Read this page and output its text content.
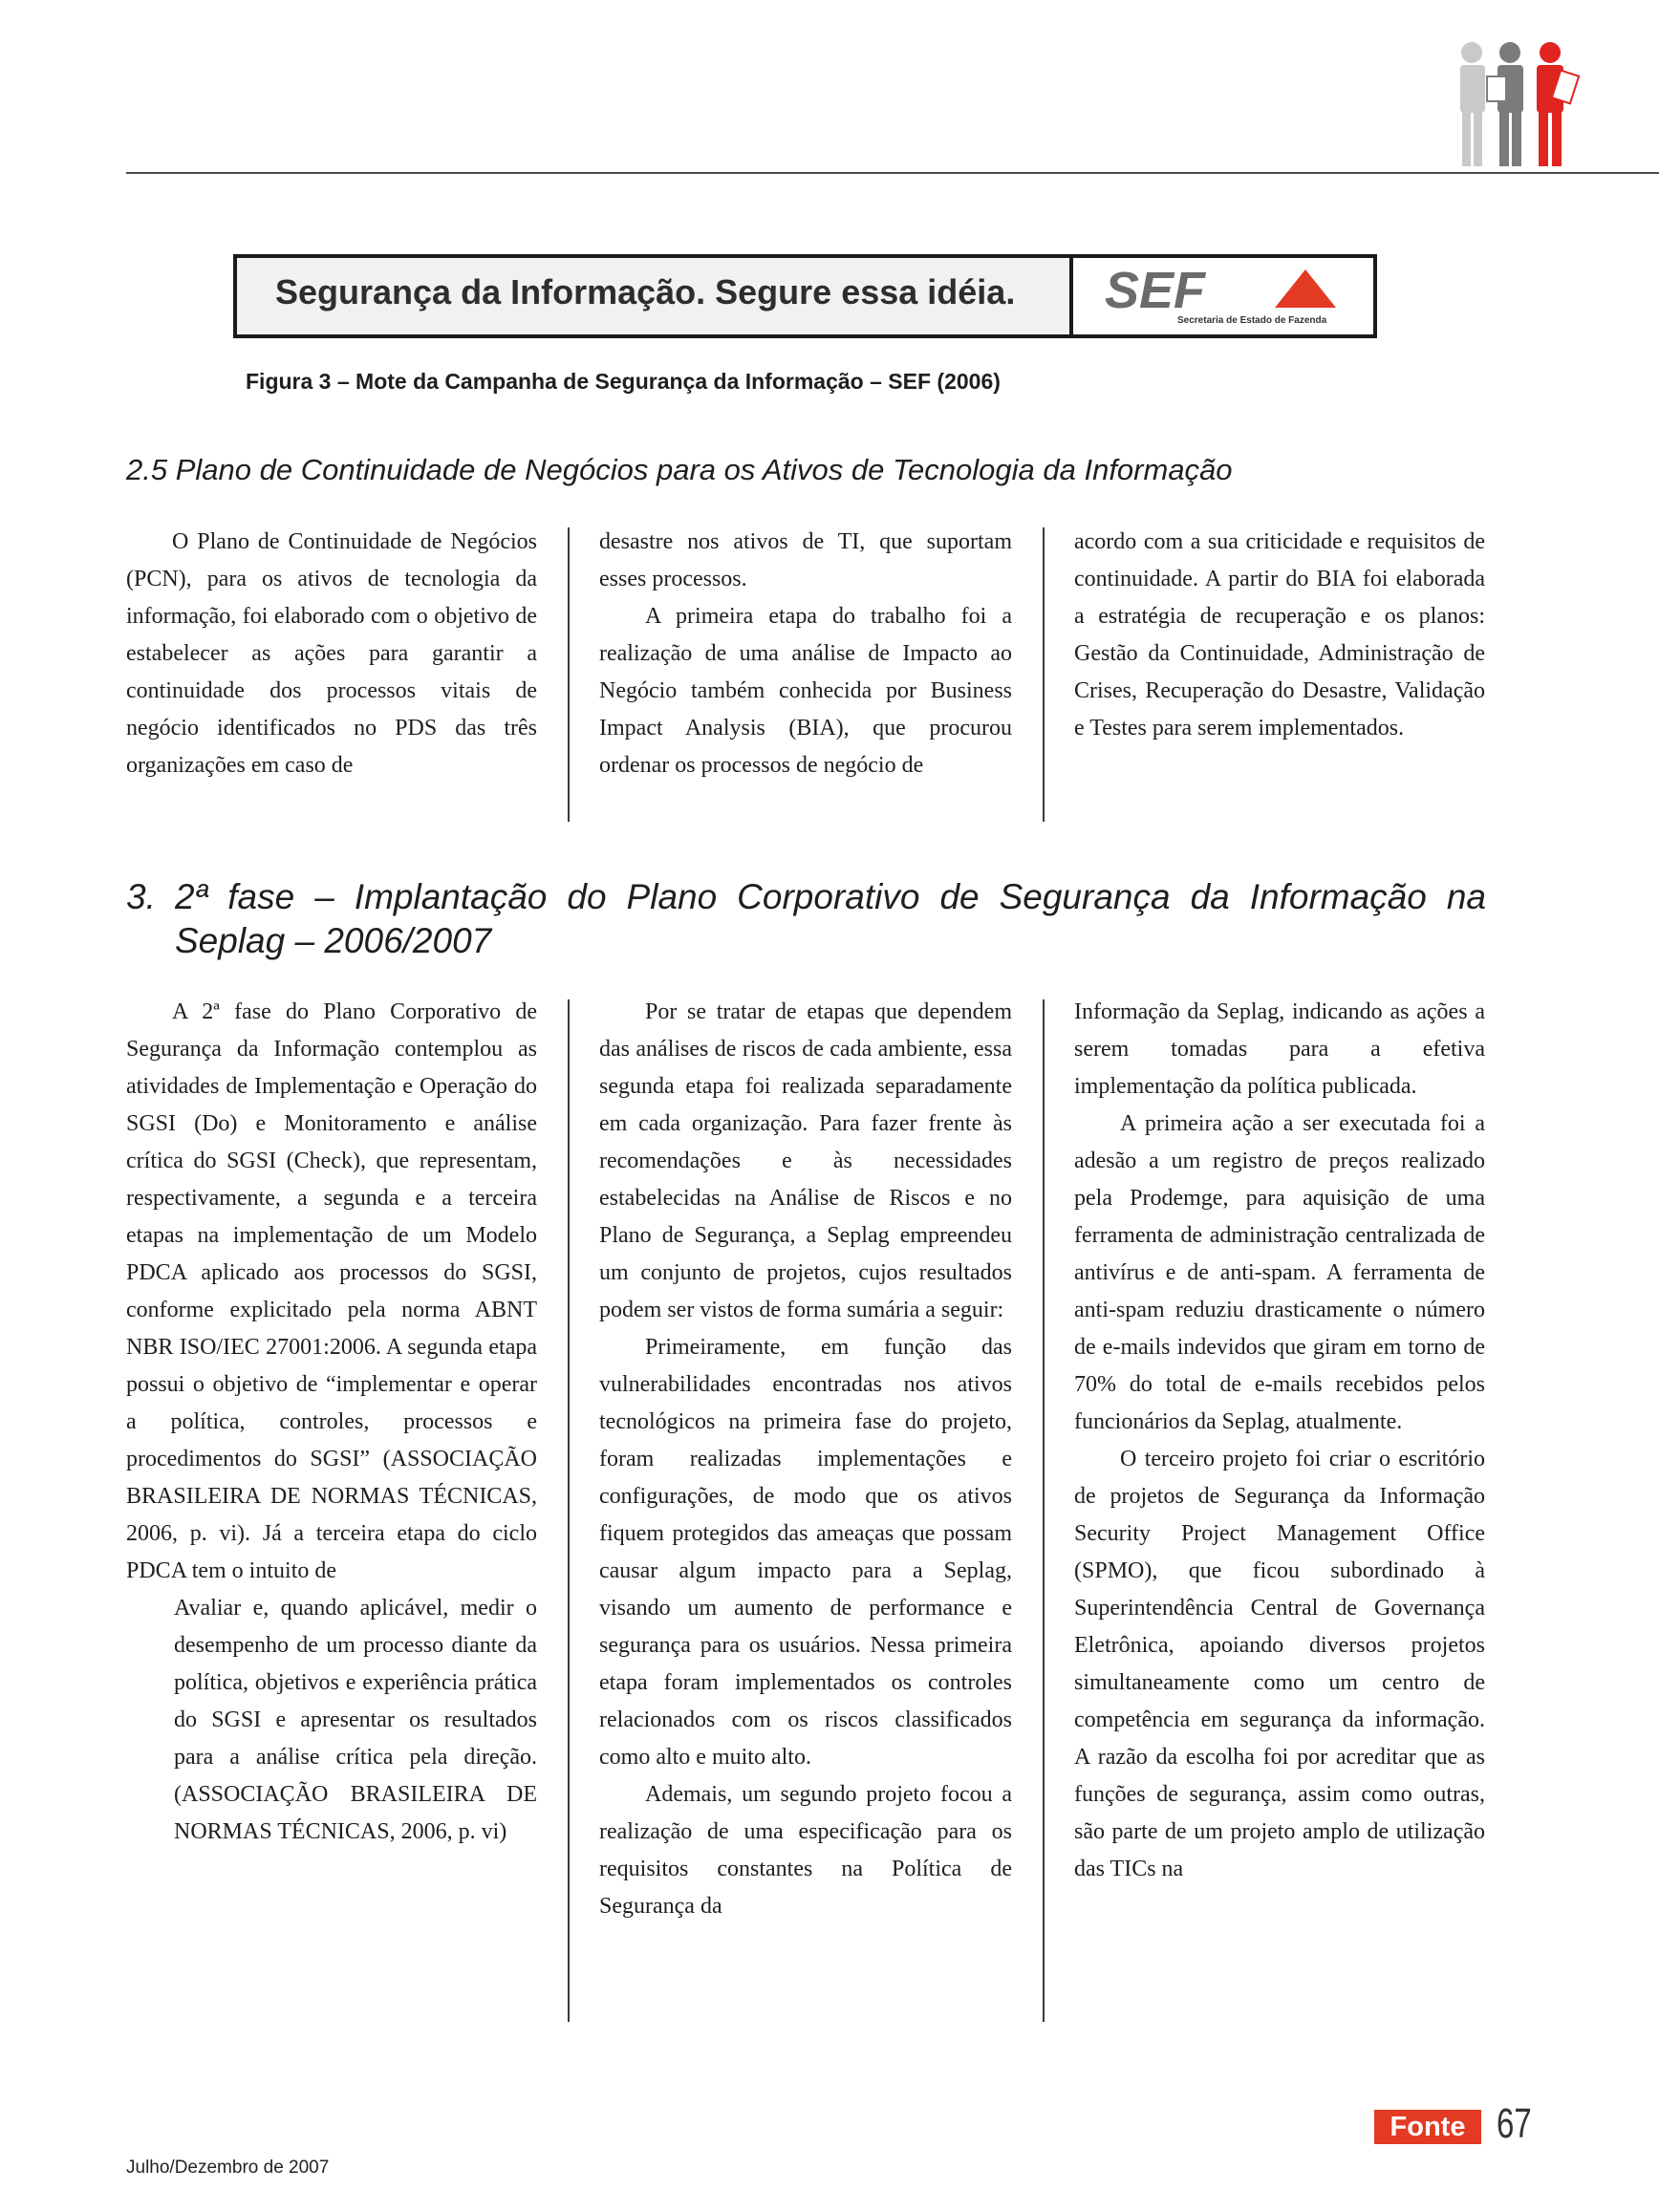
Segurança da Informação. Segure essa idéia. SEF
Secretaria de Estado de Fazenda
Figura 3 – Mote da Campanha de Segurança da Informação – SEF (2006)
2.5 Plano de Continuidade de Negócios para os Ativos de Tecnologia da Informação

O Plano de Continuidade de Negócios (PCN), para os ativos de tecnologia da informação, foi elaborado com o objetivo de estabelecer as ações para garantir a continuidade dos processos vitais de negócio identificados no PDS das três organizações em caso de

desastre nos ativos de TI, que suportam esses processos.

A primeira etapa do trabalho foi a realização de uma análise de Impacto ao Negócio também conhecida por Business Impact Analysis (BIA), que procurou ordenar os processos de negócio de

acordo com a sua criticidade e requisitos de continuidade. A partir do BIA foi elaborada a estratégia de recuperação e os planos: Gestão da Continuidade, Administração de Crises, Recuperação do Desastre, Validação e Testes para serem implementados.

3. 2ª fase – Implantação do Plano Corporativo de Segurança da Informação na Seplag – 2006/2007

A 2ª fase do Plano Corporativo de Segurança da Informação contemplou as atividades de Implementação e Operação do SGSI (Do) e Monitoramento e análise crítica do SGSI (Check), que representam, respectivamente, a segunda e a terceira etapas na implementação de um Modelo PDCA aplicado aos processos do SGSI, conforme explicitado pela norma ABNT NBR ISO/IEC 27001:2006. A segunda etapa possui o objetivo de “implementar e operar a política, controles, processos e procedimentos do SGSI” (ASSOCIAÇÃO BRASILEIRA DE NORMAS TÉCNICAS, 2006, p. vi). Já a terceira etapa do ciclo PDCA tem o intuito de

Avaliar e, quando aplicável, medir o desempenho de um processo diante da política, objetivos e experiência prática do SGSI e apresentar os resultados para a análise crítica pela direção. (ASSOCIAÇÃO BRASILEIRA DE NORMAS TÉCNICAS, 2006, p. vi)

Por se tratar de etapas que dependem das análises de riscos de cada ambiente, essa segunda etapa foi realizada separadamente em cada organização. Para fazer frente às recomendações e às necessidades estabelecidas na Análise de Riscos e no Plano de Segurança, a Seplag empreendeu um conjunto de projetos, cujos resultados podem ser vistos de forma sumária a seguir:

Primeiramente, em função das vulnerabilidades encontradas nos ativos tecnológicos na primeira fase do projeto, foram realizadas implementações e configurações, de modo que os ativos fiquem protegidos das ameaças que possam causar algum impacto para a Seplag, visando um aumento de performance e segurança para os usuários. Nessa primeira etapa foram implementados os controles relacionados com os riscos classificados como alto e muito alto.

Ademais, um segundo projeto focou a realização de uma especificação para os requisitos constantes na Política de Segurança da

Informação da Seplag, indicando as ações a serem tomadas para a efetiva implementação da política publicada.

A primeira ação a ser executada foi a adesão a um registro de preços realizado pela Prodemge, para aquisição de uma ferramenta de administração centralizada de antivírus e de anti-spam. A ferramenta de anti-spam reduziu drasticamente o número de e-mails indevidos que giram em torno de 70% do total de e-mails recebidos pelos funcionários da Seplag, atualmente.

O terceiro projeto foi criar o escritório de projetos de Segurança da Informação Security Project Management Office (SPMO), que ficou subordinado à Superintendência Central de Governança Eletrônica, apoiando diversos projetos simultaneamente como um centro de competência em segurança da informação. A razão da escolha foi por acreditar que as funções de segurança, assim como outras, são parte de um projeto amplo de utilização das TICs na

Julho/Dezembro de 2007
Fonte 67
